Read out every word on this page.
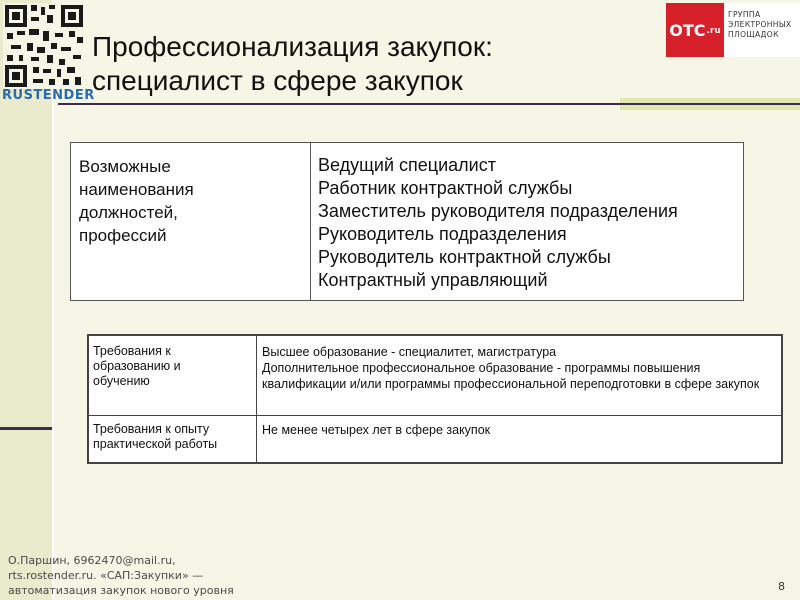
RUSTENDER
Профессионализация закупок:
специалист в сфере закупок
OTC .ru
ГРУППА
ЭЛЕКТРОННЫХ
ПЛОЩАДОК
Возможные
наименования
должностей,
профессий
Ведущий специалист
Работник контрактной службы
Заместитель руководителя подразделения
Руководитель подразделения
Руководитель контрактной службы
Контрактный управляющий
Требования к
образованию и
обучению
Высшее образование - специалитет, магистратура
Дополнительное профессиональное образование - программы повышения квалификации и/или программы профессиональной переподготовки в сфере закупок
Требования к опыту
практической работы
Не менее четырех лет в сфере закупок
О.Паршин, 6962470@mail.ru,
rts.rostender.ru. «САП:Закупки» —
автоматизация закупок нового уровня	8
